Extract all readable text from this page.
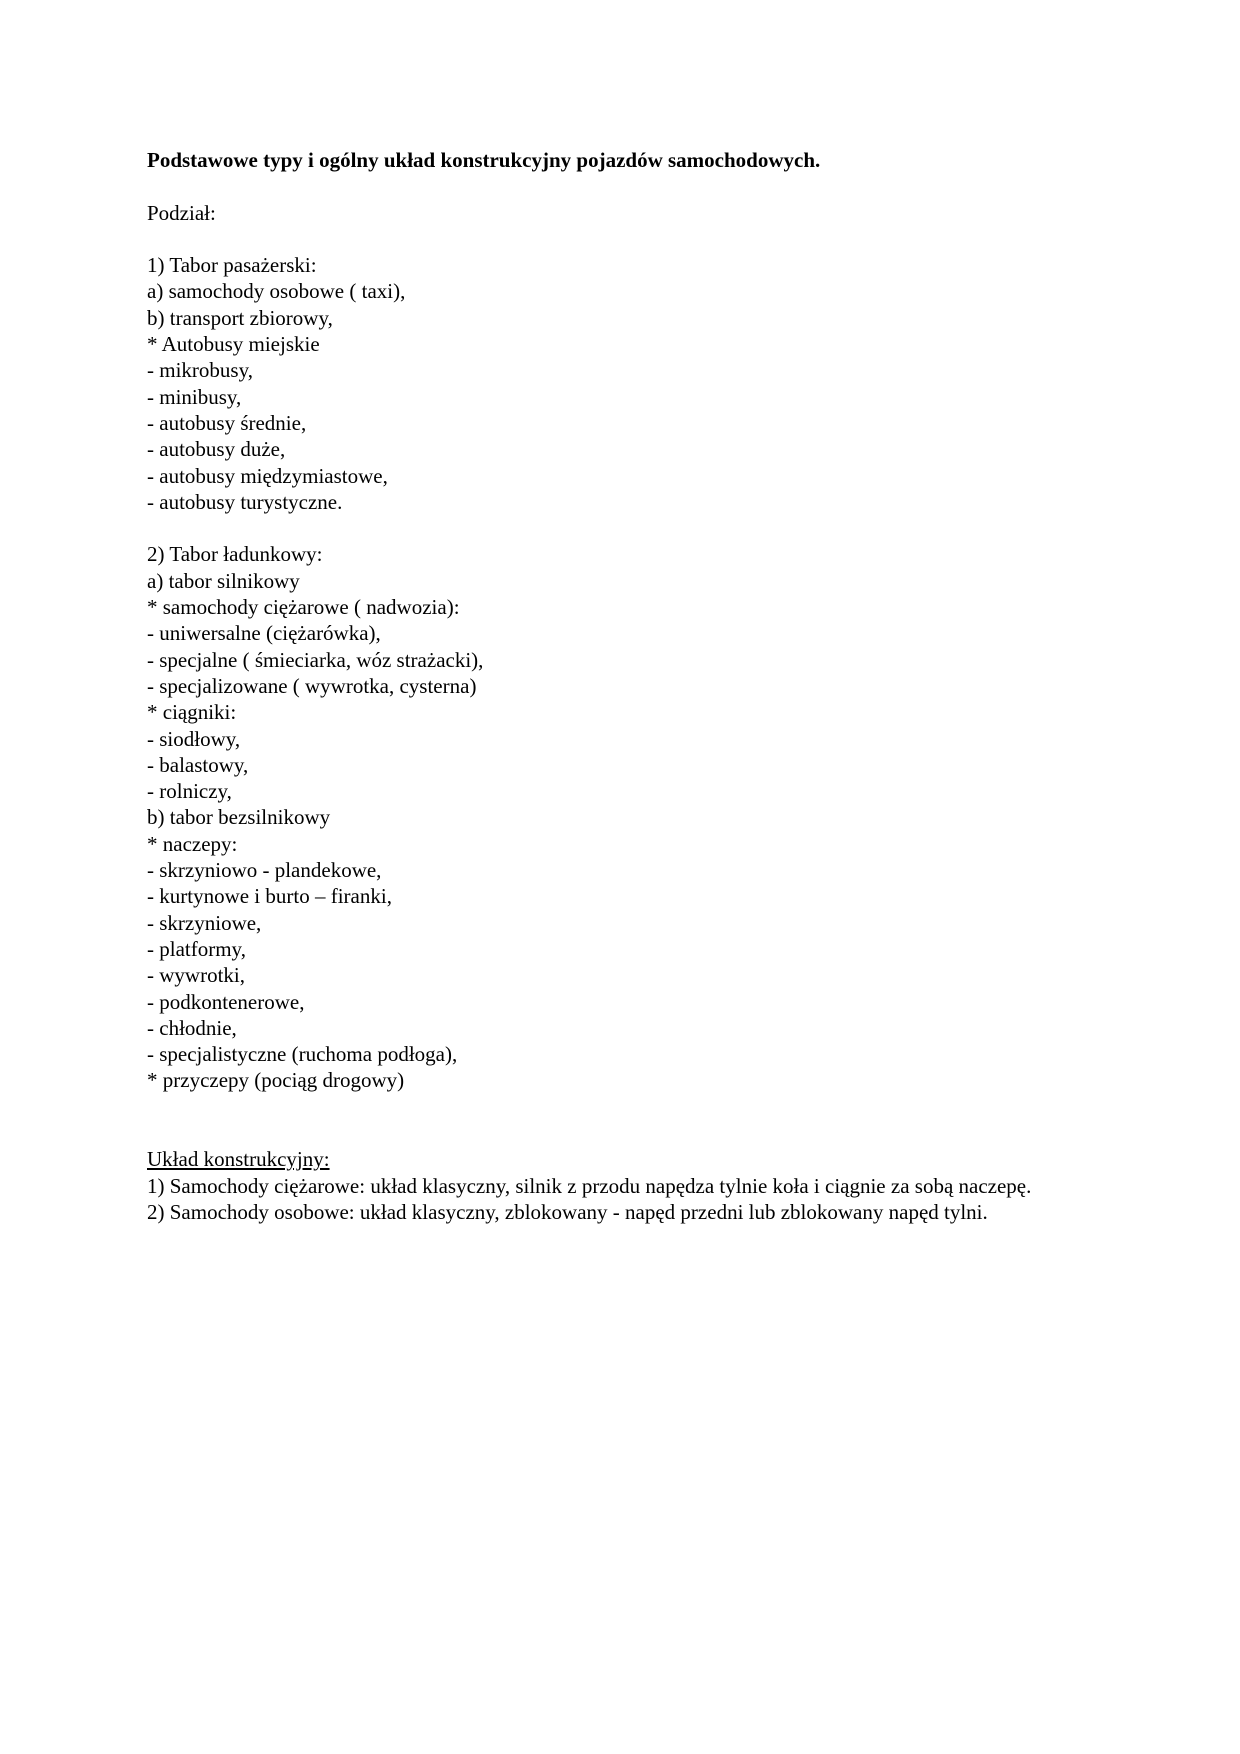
Podstawowe typy i ogólny układ konstrukcyjny pojazdów samochodowych.

Podział:

1) Tabor pasażerski:
a) samochody osobowe ( taxi),
b) transport zbiorowy,
* Autobusy miejskie
- mikrobusy,
- minibusy,
- autobusy średnie,
- autobusy duże,
- autobusy międzymiastowe,
- autobusy turystyczne.
2) Tabor ładunkowy:
a) tabor silnikowy
* samochody ciężarowe ( nadwozia):
- uniwersalne (ciężarówka),
- specjalne ( śmieciarka, wóz strażacki),
- specjalizowane ( wywrotka, cysterna)
* ciągniki:
- siodłowy,
- balastowy,
- rolniczy,
b) tabor bezsilnikowy
* naczepy:
- skrzyniowo - plandekowe,
- kurtynowe i burto – firanki,
- skrzyniowe,
- platformy,
- wywrotki,
- podkontenerowe,
- chłodnie,
- specjalistyczne (ruchoma podłoga),
* przyczepy (pociąg drogowy)
Układ konstrukcyjny:
1) Samochody ciężarowe: układ klasyczny, silnik z przodu napędza tylnie koła i ciągnie za sobą naczepę.
2) Samochody osobowe: układ klasyczny, zblokowany - napęd przedni lub zblokowany napęd tylni.
